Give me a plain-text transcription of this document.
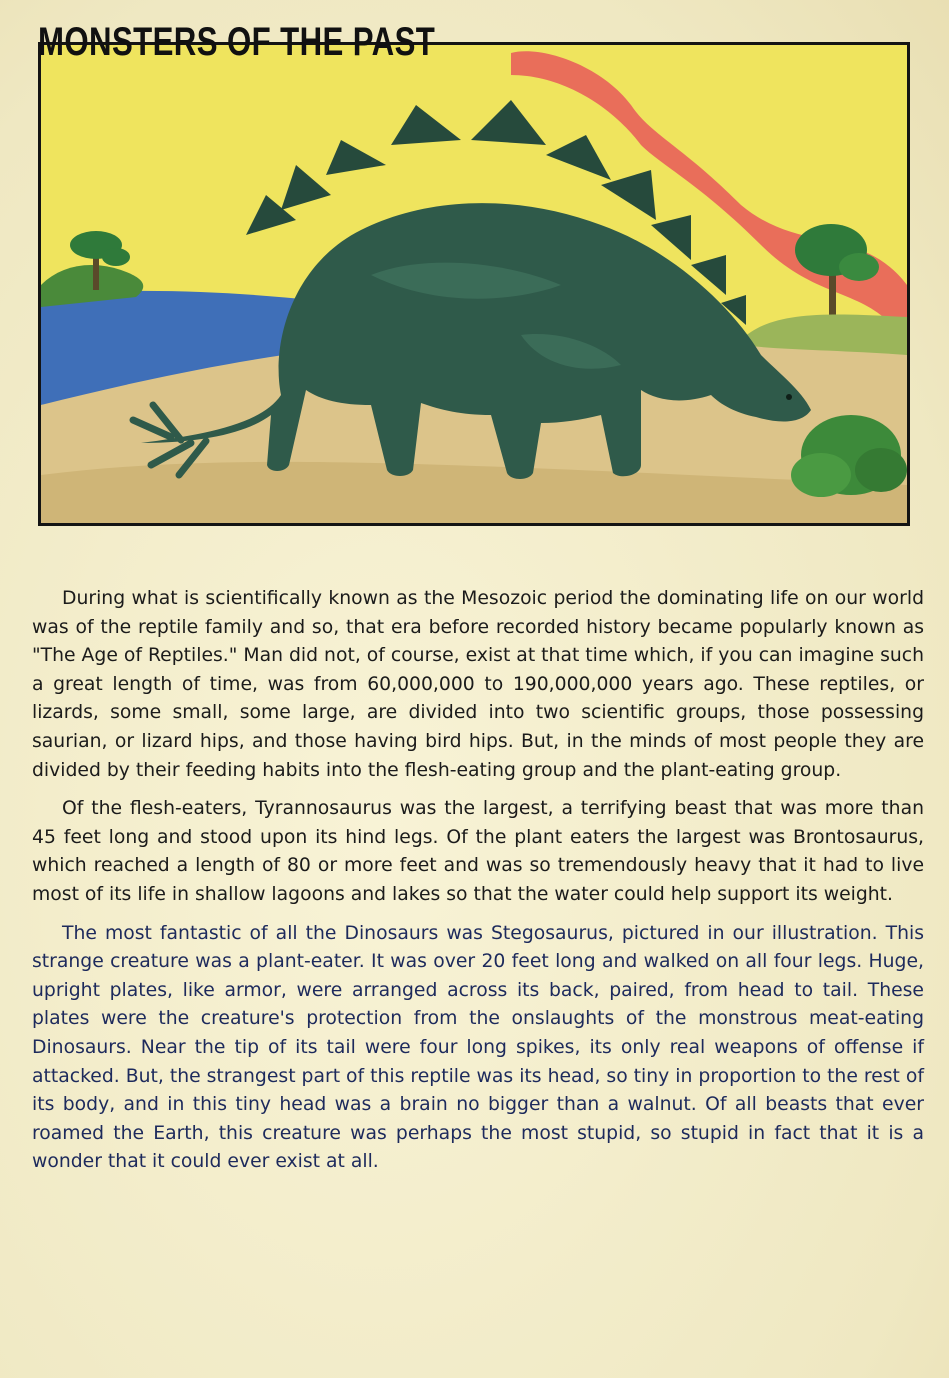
MONSTERS OF THE PAST

During what is scientifically known as the Mesozoic period the dominating life on our world was of the reptile family and so, that era before recorded history became popularly known as "The Age of Reptiles." Man did not, of course, exist at that time which, if you can imagine such a great length of time, was from 60,000,000 to 190,000,000 years ago. These reptiles, or lizards, some small, some large, are divided into two scientific groups, those possessing saurian, or lizard hips, and those having bird hips. But, in the minds of most people they are divided by their feeding habits into the flesh-eating group and the plant-eating group.

Of the flesh-eaters, Tyrannosaurus was the largest, a terrifying beast that was more than 45 feet long and stood upon its hind legs. Of the plant eaters the largest was Brontosaurus, which reached a length of 80 or more feet and was so tremendously heavy that it had to live most of its life in shallow lagoons and lakes so that the water could help support its weight.

The most fantastic of all the Dinosaurs was Stegosaurus, pictured in our illustration. This strange creature was a plant-eater. It was over 20 feet long and walked on all four legs. Huge, upright plates, like armor, were arranged across its back, paired, from head to tail. These plates were the creature's protection from the onslaughts of the monstrous meat-eating Dinosaurs. Near the tip of its tail were four long spikes, its only real weapons of offense if attacked. But, the strangest part of this reptile was its head, so tiny in proportion to the rest of its body, and in this tiny head was a brain no bigger than a walnut. Of all beasts that ever roamed the Earth, this creature was perhaps the most stupid, so stupid in fact that it is a wonder that it could ever exist at all.
